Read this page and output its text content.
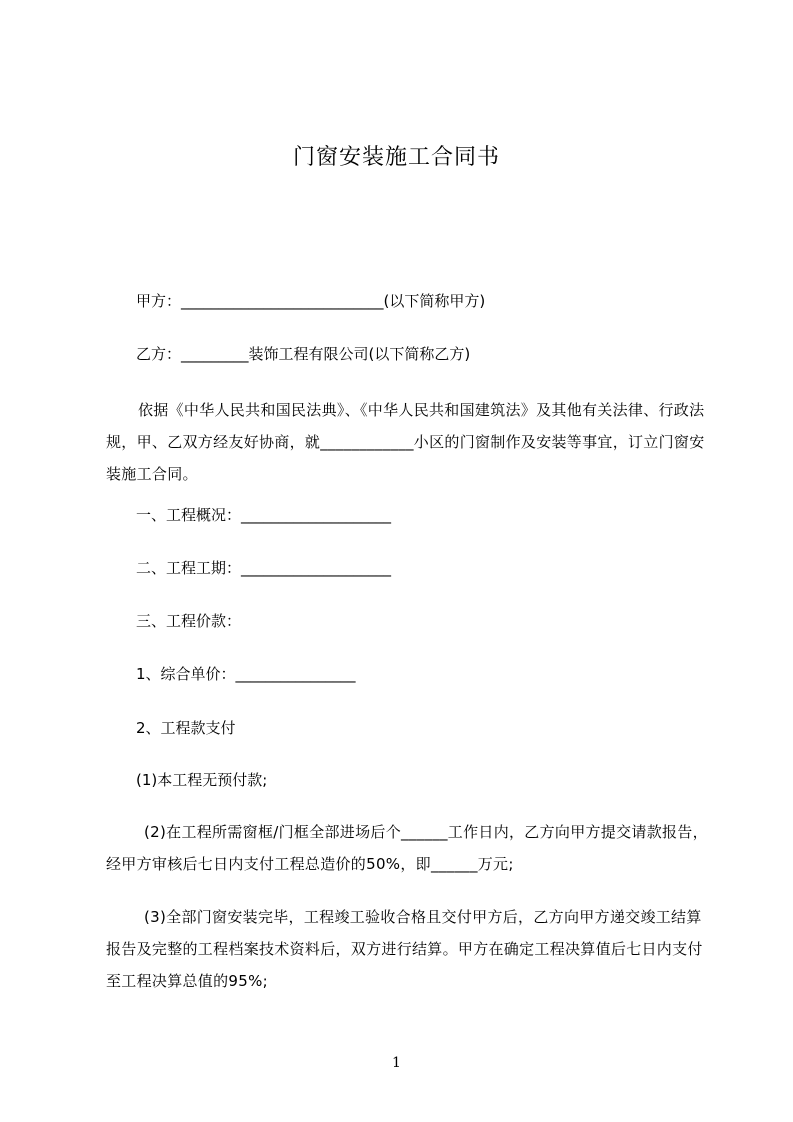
门窗安装施工合同书
甲方：___________________________(以下简称甲方)
乙方：_________装饰工程有限公司(以下简称乙方)
依据《中华人民共和国民法典》、《中华人民共和国建筑法》及其他有关法律、行政法规，甲、乙双方经友好协商，就____________小区的门窗制作及安装等事宜，订立门窗安装施工合同。
一、工程概况：____________________
二、工程工期：____________________
三、工程价款：
1、综合单价：________________
2、工程款支付
(1)本工程无预付款;
(2)在工程所需窗框/门框全部进场后个______工作日内，乙方向甲方提交请款报告，经甲方审核后七日内支付工程总造价的50%，即______万元;
(3)全部门窗安装完毕，工程竣工验收合格且交付甲方后，乙方向甲方递交竣工结算报告及完整的工程档案技术资料后，双方进行结算。甲方在确定工程决算值后七日内支付至工程决算总值的95%;
1
